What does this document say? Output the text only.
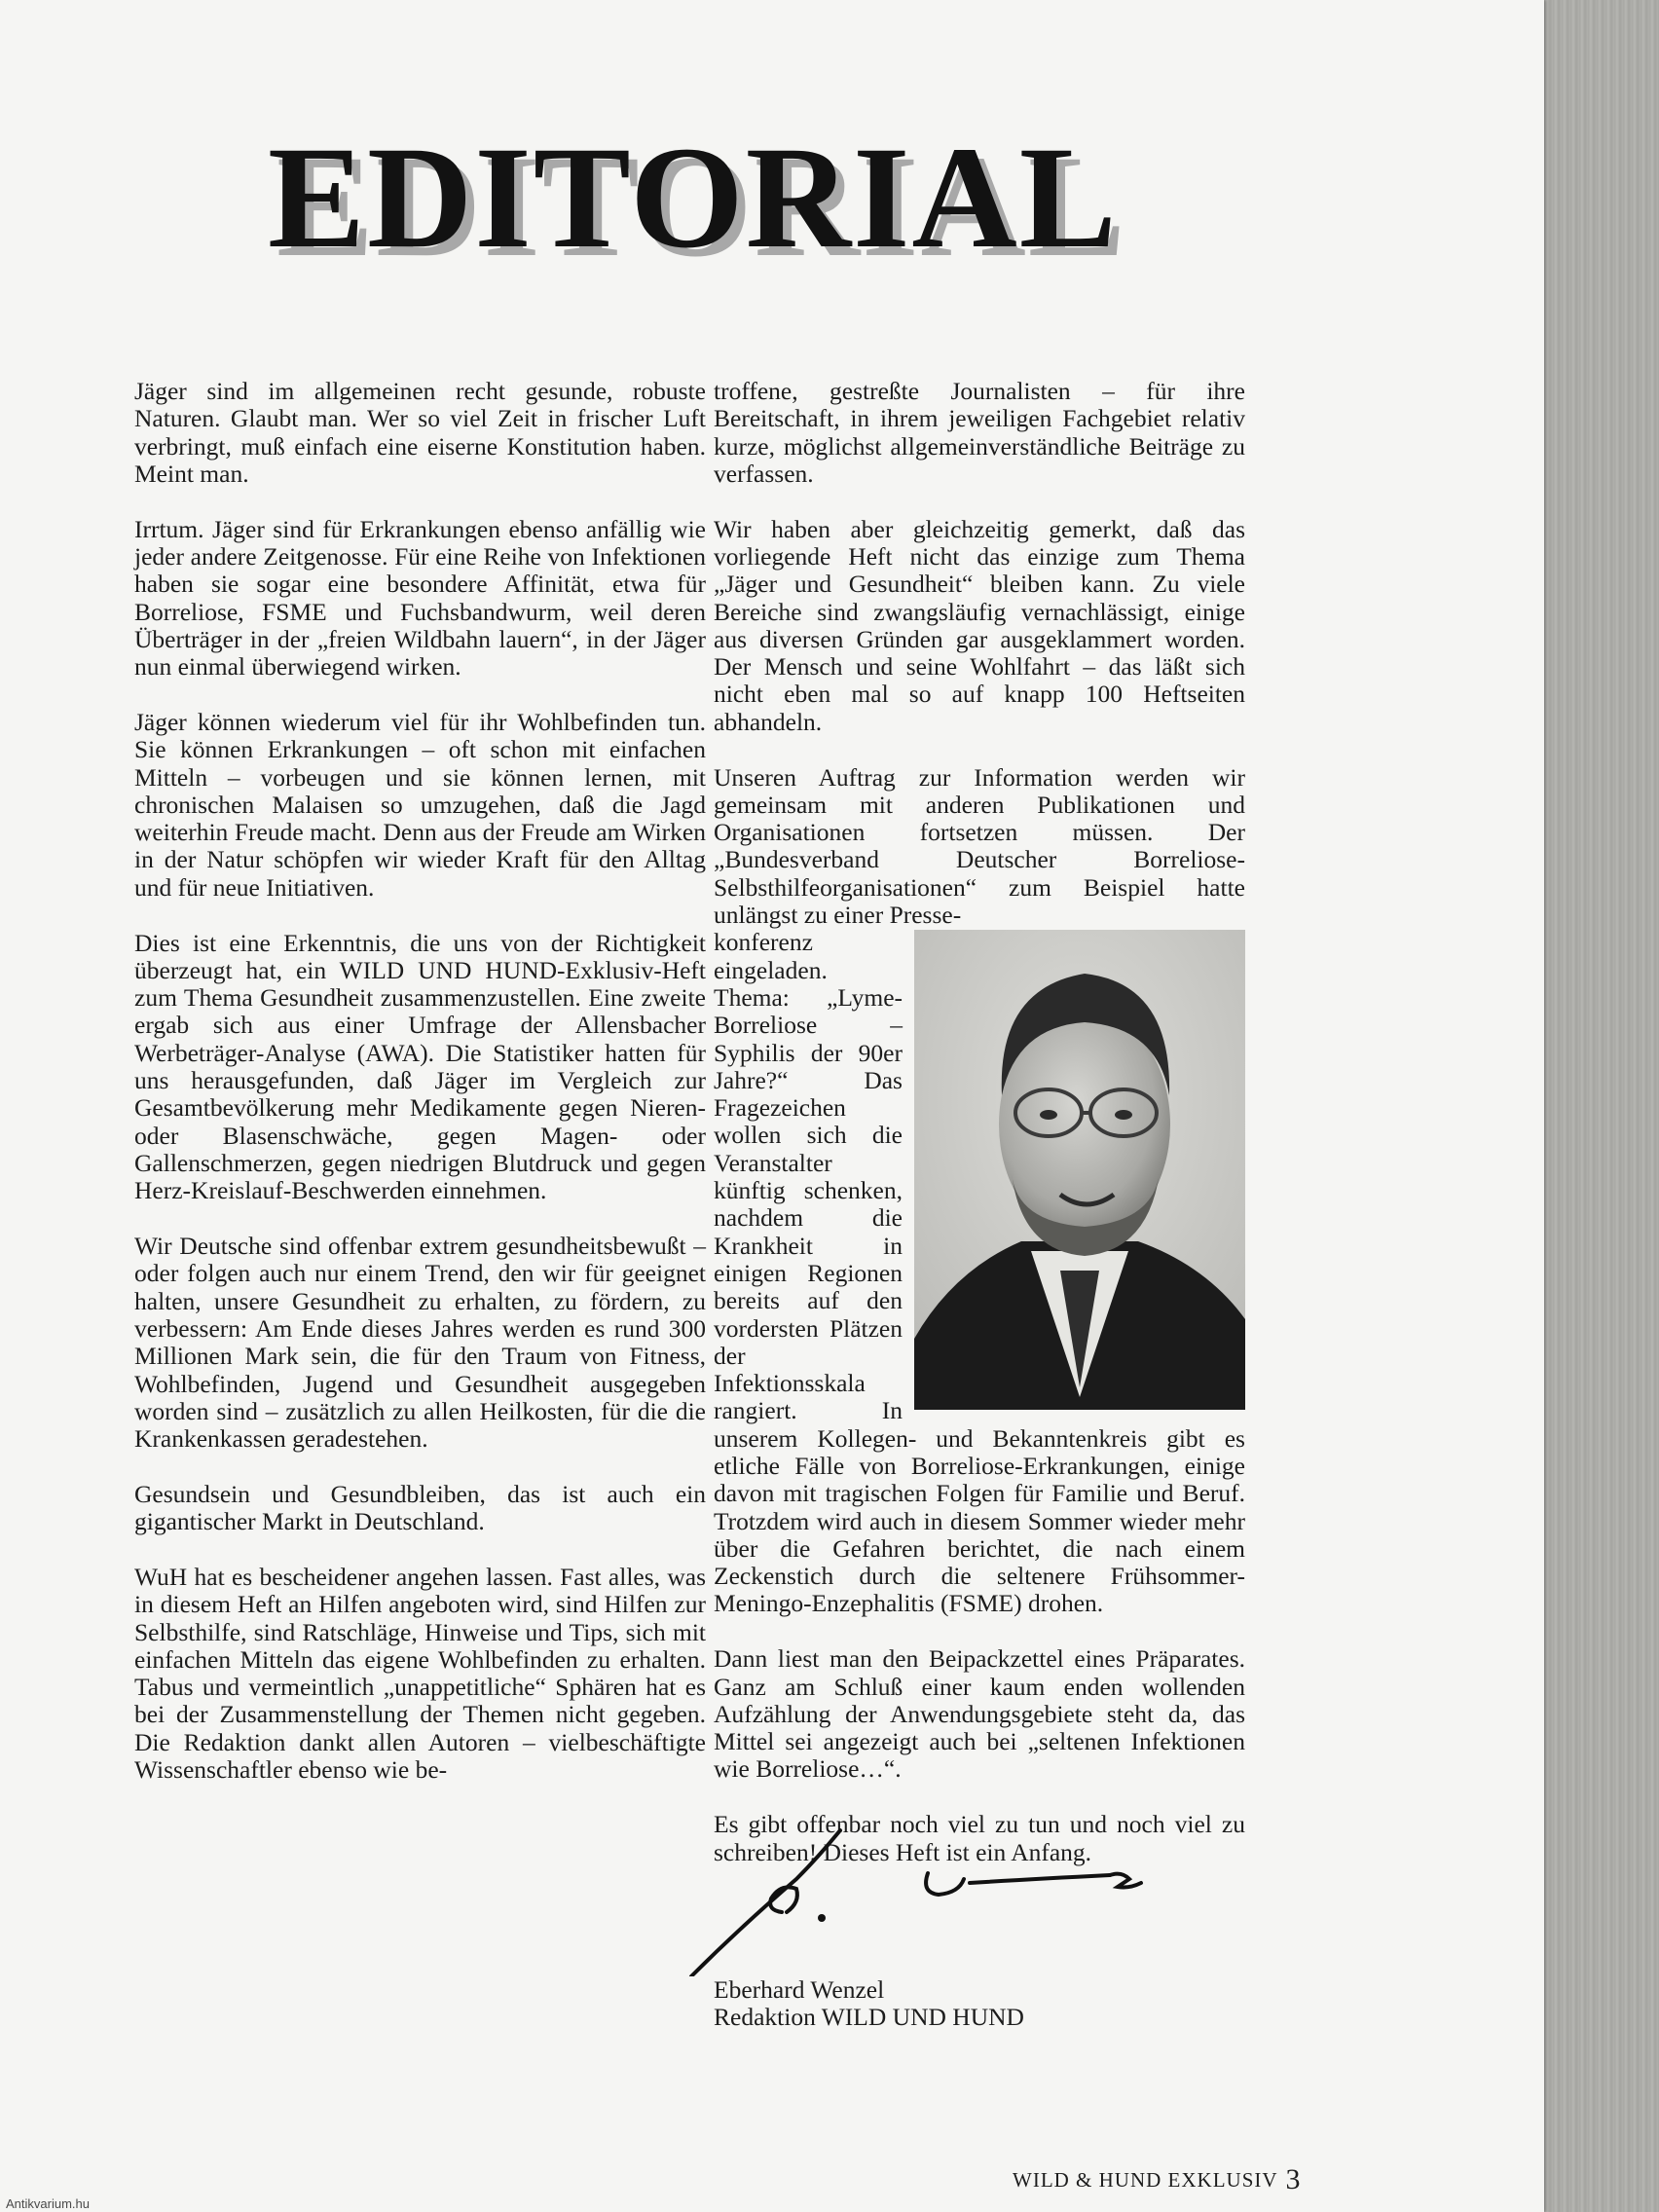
EDITORIAL

Jäger sind im allgemeinen recht gesunde, robuste Naturen. Glaubt man. Wer so viel Zeit in frischer Luft verbringt, muß einfach eine eiserne Konstitution haben. Meint man.

Irrtum. Jäger sind für Erkrankungen ebenso anfällig wie jeder andere Zeitgenosse. Für eine Reihe von Infektionen haben sie sogar eine besondere Affinität, etwa für Borreliose, FSME und Fuchsbandwurm, weil deren Überträger in der „freien Wildbahn lauern“, in der Jäger nun einmal überwiegend wirken.

Jäger können wiederum viel für ihr Wohlbefinden tun. Sie können Erkrankungen – oft schon mit einfachen Mitteln – vorbeugen und sie können lernen, mit chronischen Malaisen so umzugehen, daß die Jagd weiterhin Freude macht. Denn aus der Freude am Wirken in der Natur schöpfen wir wieder Kraft für den Alltag und für neue Initiativen.

Dies ist eine Erkenntnis, die uns von der Richtigkeit überzeugt hat, ein WILD UND HUND-Exklusiv-Heft zum Thema Gesundheit zusammenzustellen. Eine zweite ergab sich aus einer Umfrage der Allensbacher Werbeträger-Analyse (AWA). Die Statistiker hatten für uns herausgefunden, daß Jäger im Vergleich zur Gesamtbevölkerung mehr Medikamente gegen Nieren- oder Blasenschwäche, gegen Magen- oder Gallenschmerzen, gegen niedrigen Blutdruck und gegen Herz-Kreislauf-Beschwerden einnehmen.

Wir Deutsche sind offenbar extrem gesundheitsbewußt – oder folgen auch nur einem Trend, den wir für geeignet halten, unsere Gesundheit zu erhalten, zu fördern, zu verbessern: Am Ende dieses Jahres werden es rund 300 Millionen Mark sein, die für den Traum von Fitness, Wohlbefinden, Jugend und Gesundheit ausgegeben worden sind – zusätzlich zu allen Heilkosten, für die die Krankenkassen geradestehen.

Gesundsein und Gesundbleiben, das ist auch ein gigantischer Markt in Deutschland.

WuH hat es bescheidener angehen lassen. Fast alles, was in diesem Heft an Hilfen angeboten wird, sind Hilfen zur Selbsthilfe, sind Ratschläge, Hinweise und Tips, sich mit einfachen Mitteln das eigene Wohlbefinden zu erhalten. Tabus und vermeintlich „unappetitliche“ Sphären hat es bei der Zusammenstellung der Themen nicht gegeben. Die Redaktion dankt allen Autoren – vielbeschäftigte Wissenschaftler ebenso wie be-

troffene, gestreßte Journalisten – für ihre Bereitschaft, in ihrem jeweiligen Fachgebiet relativ kurze, möglichst allgemeinverständliche Beiträge zu verfassen.

Wir haben aber gleichzeitig gemerkt, daß das vorliegende Heft nicht das einzige zum Thema „Jäger und Gesundheit“ bleiben kann. Zu viele Bereiche sind zwangsläufig vernachlässigt, einige aus diversen Gründen gar ausgeklammert worden. Der Mensch und seine Wohlfahrt – das läßt sich nicht eben mal so auf knapp 100 Heftseiten abhandeln.

Unseren Auftrag zur Information werden wir gemeinsam mit anderen Publikationen und Organisationen fortsetzen müssen. Der „Bundesverband Deutscher Borreliose-Selbsthilfeorganisationen“ zum Beispiel hatte unlängst zu einer Presse-

konferenz eingeladen. Thema: „Lyme-Borreliose – Syphilis der 90er Jahre?“ Das Fragezeichen wollen sich die Veranstalter künftig schenken, nachdem die Krankheit in einigen Regionen bereits auf den vordersten Plätzen der Infektionsskala rangiert. In unserem Kollegen- und Bekanntenkreis gibt es etliche Fälle von Borreliose-Erkrankungen, einige davon mit tragischen Folgen für Familie und Beruf. Trotzdem wird auch in diesem Sommer wieder mehr über die Gefahren berichtet, die nach einem Zeckenstich durch die seltenere Frühsommer-Meningo-Enzephalitis (FSME) drohen.

Dann liest man den Beipackzettel eines Präparates. Ganz am Schluß einer kaum enden wollenden Aufzählung der Anwendungsgebiete steht da, das Mittel sei angezeigt auch bei „seltenen Infektionen wie Borreliose…“.

Es gibt offenbar noch viel zu tun und noch viel zu schreiben! Dieses Heft ist ein Anfang.

Eberhard Wenzel
Redaktion WILD UND HUND

WILD & HUND EXKLUSIV 3
Antikvarium.hu
